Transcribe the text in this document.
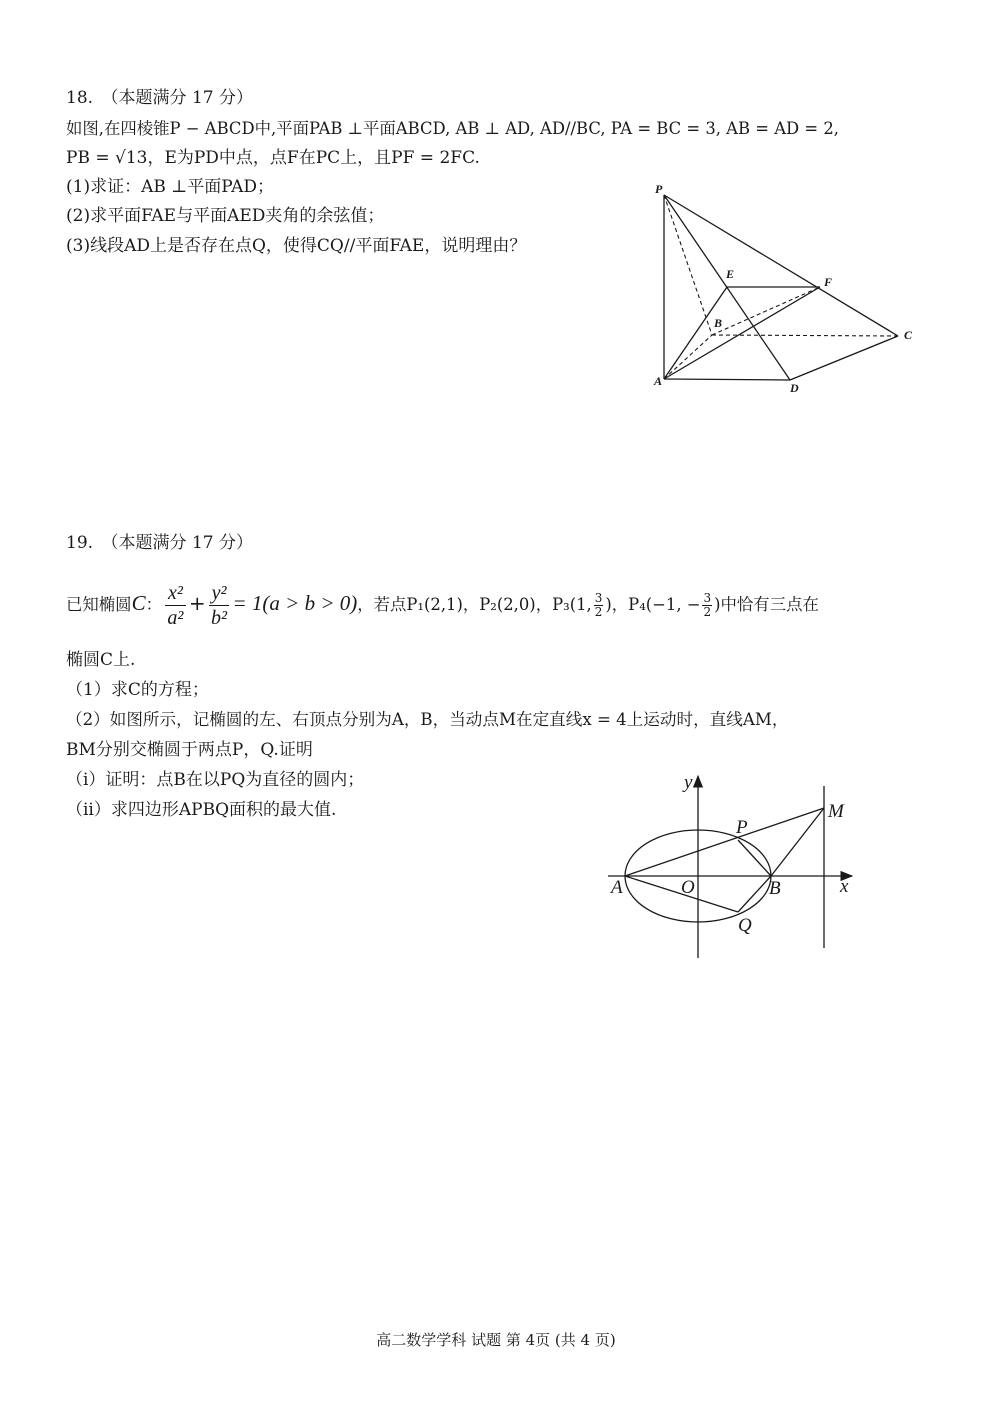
18.　（本题满分 17 分）
如图,在四棱锥P − ABCD中,平面PAB ⊥平面ABCD, AB ⊥ AD, AD//BC, PA = BC = 3, AB = AD = 2,
PB = √13，E为PD中点，点F在PC上，且PF = 2FC.
(1)求证：AB ⊥平面PAD；
(2)求平面FAE与平面AED夹角的余弦值；
(3)线段AD上是否存在点Q，使得CQ//平面FAE，说明理由？
P
E
F
B
C
A	D
19.　（本题满分 17 分）
已知椭圆C： $\frac{\text{x²}}{\text{a²}} + \frac{\text{y²}}{\text{b²}} = 1(a > b > 0)$，若点P₁(2,1)，P₂(2,0)，P₃(1, $\frac{3}{2}$ )，P₄(−1, − $\frac{3}{2}$ )中恰有三点在
椭圆C上.
（1）求C的方程；
（2）如图所示，记椭圆的左、右顶点分别为A，B，当动点M在定直线x = 4上运动时，直线AM，
BM分别交椭圆于两点P，Q.证明
（i）证明：点B在以PQ为直径的圆内；
（ii）求四边形APBQ面积的最大值.
y
M
P
A	O	B	x
Q
高二数学学科 试题 第 4页 (共 4 页)
